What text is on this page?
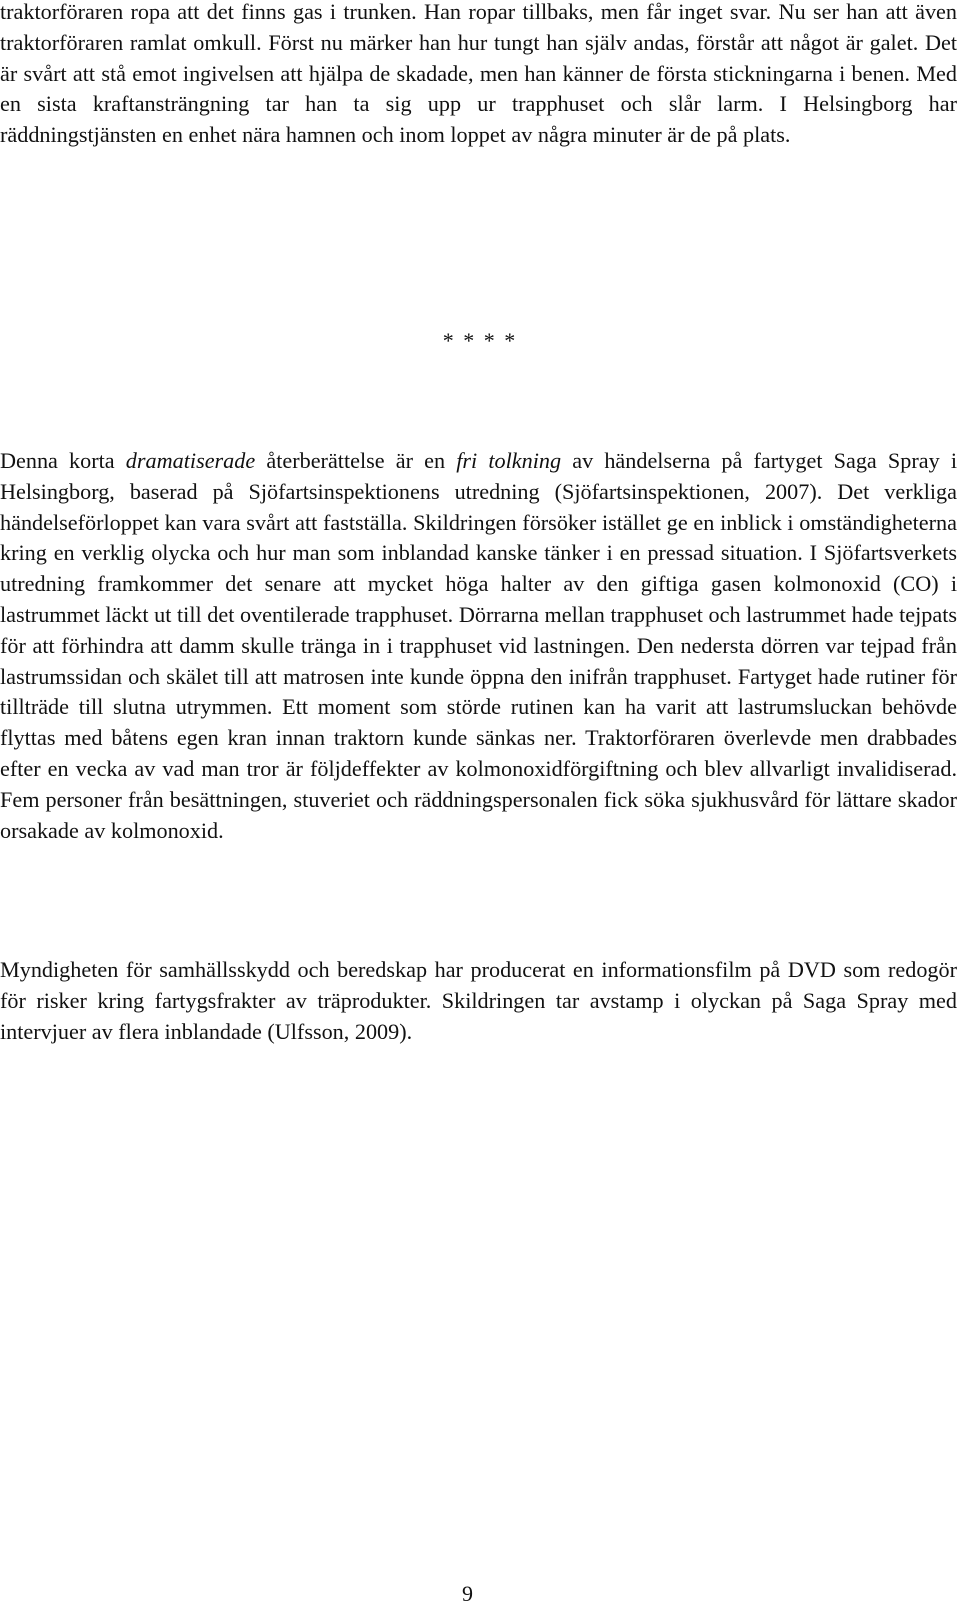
traktorföraren ropa att det finns gas i trunken. Han ropar tillbaks, men får inget svar. Nu ser han att även traktorföraren ramlat omkull. Först nu märker han hur tungt han själv andas, förstår att något är galet. Det är svårt att stå emot ingivelsen att hjälpa de skadade, men han känner de första stickningarna i benen. Med en sista kraftansträngning tar han ta sig upp ur trapphuset och slår larm. I Helsingborg har räddningstjänsten en enhet nära hamnen och inom loppet av några minuter är de på plats.

* * * *

Denna korta dramatiserade återberättelse är en fri tolkning av händelserna på fartyget Saga Spray i Helsingborg, baserad på Sjöfartsinspektionens utredning (Sjöfartsinspektionen, 2007). Det verkliga händelseförloppet kan vara svårt att fastställa. Skildringen försöker istället ge en inblick i omständigheterna kring en verklig olycka och hur man som inblandad kanske tänker i en pressad situation. I Sjöfartsverkets utredning framkommer det senare att mycket höga halter av den giftiga gasen kolmonoxid (CO) i lastrummet läckt ut till det oventilerade trapphuset. Dörrarna mellan trapphuset och lastrummet hade tejpats för att förhindra att damm skulle tränga in i trapphuset vid lastningen. Den nedersta dörren var tejpad från lastrumssidan och skälet till att matrosen inte kunde öppna den inifrån trapphuset. Fartyget hade rutiner för tillträde till slutna utrymmen. Ett moment som störde rutinen kan ha varit att lastrumsluckan behövde flyttas med båtens egen kran innan traktorn kunde sänkas ner. Traktorföraren överlevde men drabbades efter en vecka av vad man tror är följdeffekter av kolmonoxidförgiftning och blev allvarligt invalidiserad. Fem personer från besättningen, stuveriet och räddningspersonalen fick söka sjukhusvård för lättare skador orsakade av kolmonoxid.

Myndigheten för samhällsskydd och beredskap har producerat en informationsfilm på DVD som redogör för risker kring fartygsfrakter av träprodukter. Skildringen tar avstamp i olyckan på Saga Spray med intervjuer av flera inblandade (Ulfsson, 2009).

9
